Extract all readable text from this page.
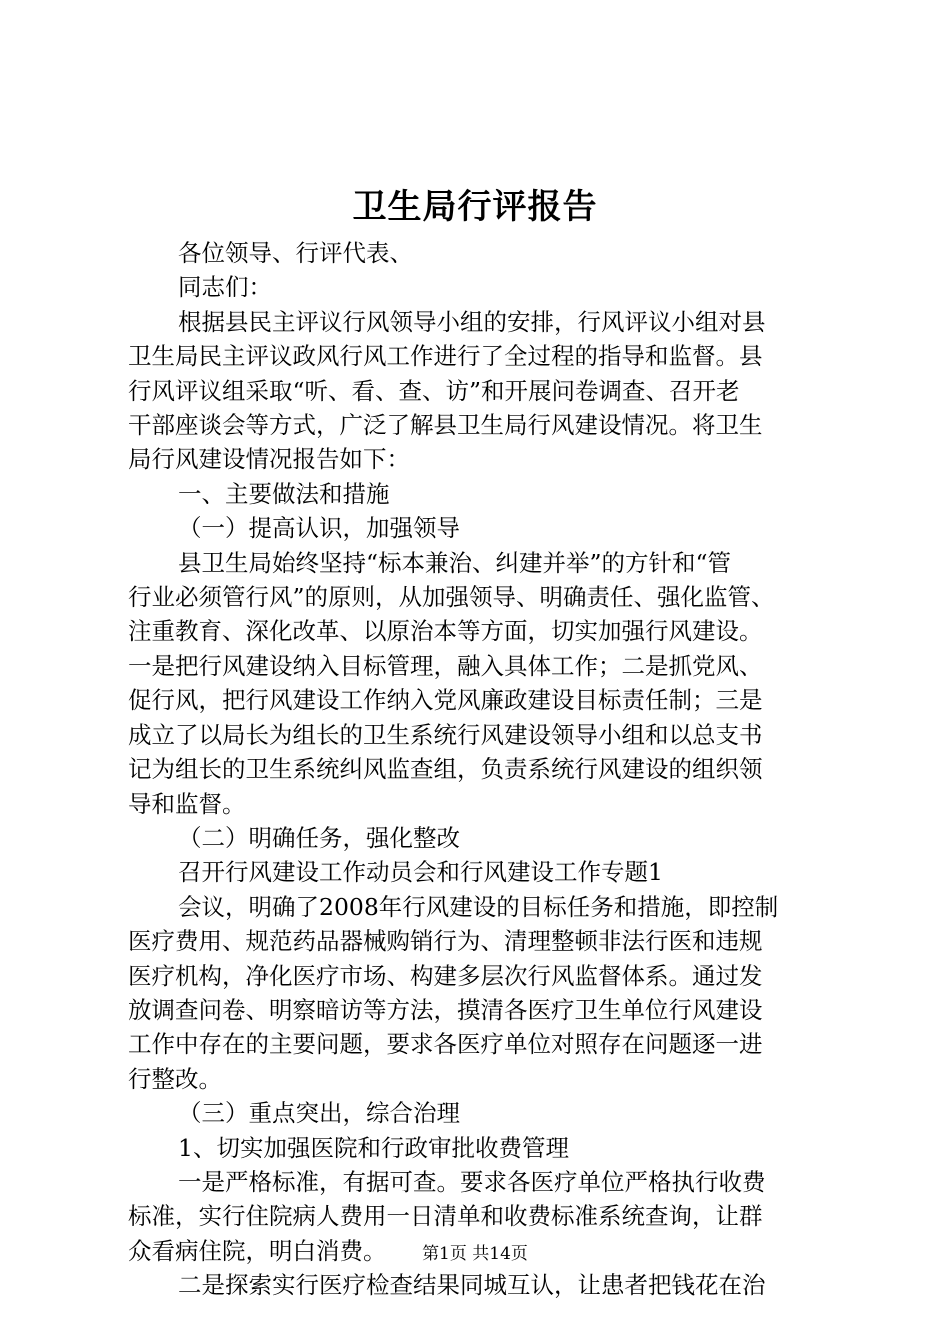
卫生局行评报告
各位领导、行评代表、
同志们：
根据县民主评议行风领导小组的安排，行风评议小组对县
卫生局民主评议政风行风工作进行了全过程的指导和监督。县
行风评议组采取“听、看、查、访”和开展问卷调查、召开老
干部座谈会等方式，广泛了解县卫生局行风建设情况。将卫生
局行风建设情况报告如下：
一、主要做法和措施
（一）提高认识，加强领导
县卫生局始终坚持“标本兼治、纠建并举”的方针和“管
行业必须管行风”的原则，从加强领导、明确责任、强化监管、
注重教育、深化改革、以原治本等方面，切实加强行风建设。
一是把行风建设纳入目标管理，融入具体工作；二是抓党风、
促行风，把行风建设工作纳入党风廉政建设目标责任制；三是
成立了以局长为组长的卫生系统行风建设领导小组和以总支书
记为组长的卫生系统纠风监查组，负责系统行风建设的组织领
导和监督。
（二）明确任务，强化整改
召开行风建设工作动员会和行风建设工作专题1
会议，明确了2008年行风建设的目标任务和措施，即控制
医疗费用、规范药品器械购销行为、清理整顿非法行医和违规
医疗机构，净化医疗市场、构建多层次行风监督体系。通过发
放调查问卷、明察暗访等方法，摸清各医疗卫生单位行风建设
工作中存在的主要问题，要求各医疗单位对照存在问题逐一进
行整改。
（三）重点突出，综合治理
1、切实加强医院和行政审批收费管理
一是严格标准，有据可查。要求各医疗单位严格执行收费
标准，实行住院病人费用一日清单和收费标准系统查询，让群
众看病住院，明白消费。
二是探索实行医疗检查结果同城互认，让患者把钱花在治
第1页 共14页
